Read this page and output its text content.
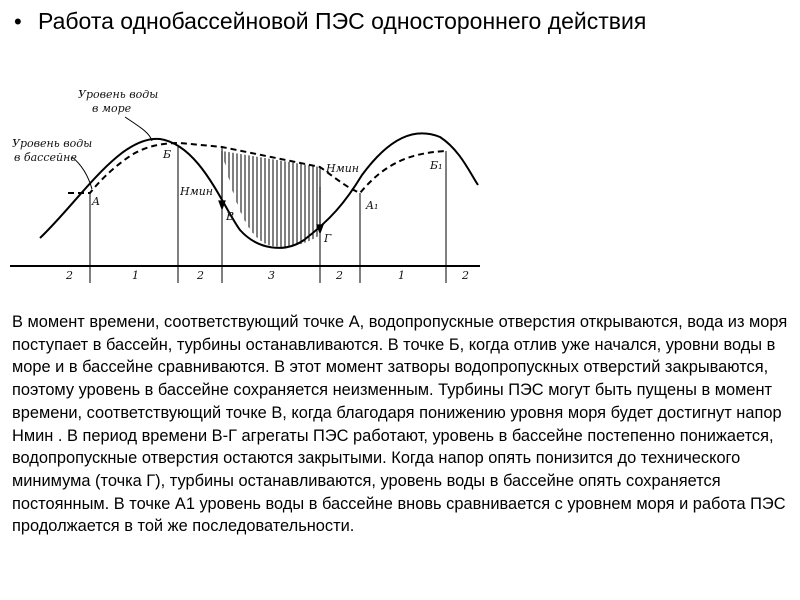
• Работа однобассейновой ПЭС одностороннего действия
Уровень воды
в море
Уровень воды
в бассейне
A
Б
Hмин
В
Hмин
Г
A₁
Б₁
2	1	2	3	2	1	2
В момент времени, соответствующий точке А, водопропускные отверстия открываются, вода из моря поступает в бассейн, турбины останавливаются. В точке Б, когда отлив уже начался, уровни воды в море и в бассейне сравниваются. В этот момент затворы водопропускных отверстий закрываются, поэтому уровень в бассейне сохраняется неизменным. Турбины ПЭС могут быть пущены в момент времени, соответствующий точке В, когда благодаря понижению уровня моря будет достигнут напор Нмин . В период времени В-Г агрегаты ПЭС работают, уровень в бассейне постепенно понижается, водопропускные отверстия остаются закрытыми. Когда напор опять понизится до технического минимума (точка Г), турбины останавливаются, уровень воды в бассейне опять сохраняется постоянным. В точке А1 уровень воды в бассейне вновь сравнивается с уровнем моря и работа ПЭС продолжается в той же последовательности.
